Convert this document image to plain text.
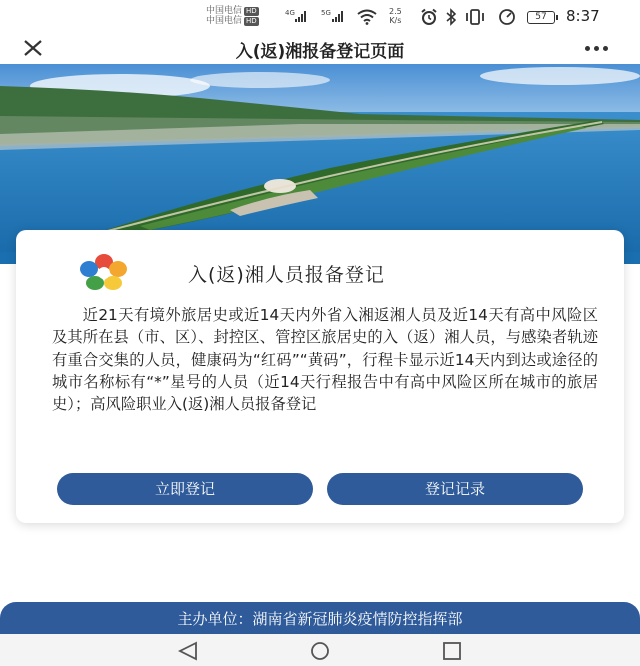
中国电信 HD
中国电信 HD
4G	5G	2.5
K/s	57	8:37
入(返)湘报备登记页面
入(返)湘人员报备登记

近21天有境外旅居史或近14天内外省入湘返湘人员及近14天有高中风险区及其所在县（市、区）、封控区、管控区旅居史的入（返）湘人员，与感染者轨迹有重合交集的人员，健康码为“红码”“黄码”，行程卡显示近14天内到达或途径的城市名称标有“*”星号的人员（近14天行程报告中有高中风险区所在城市的旅居史）；高风险职业入(返)湘人员报备登记

立即登记	登记记录
主办单位：湖南省新冠肺炎疫情防控指挥部
